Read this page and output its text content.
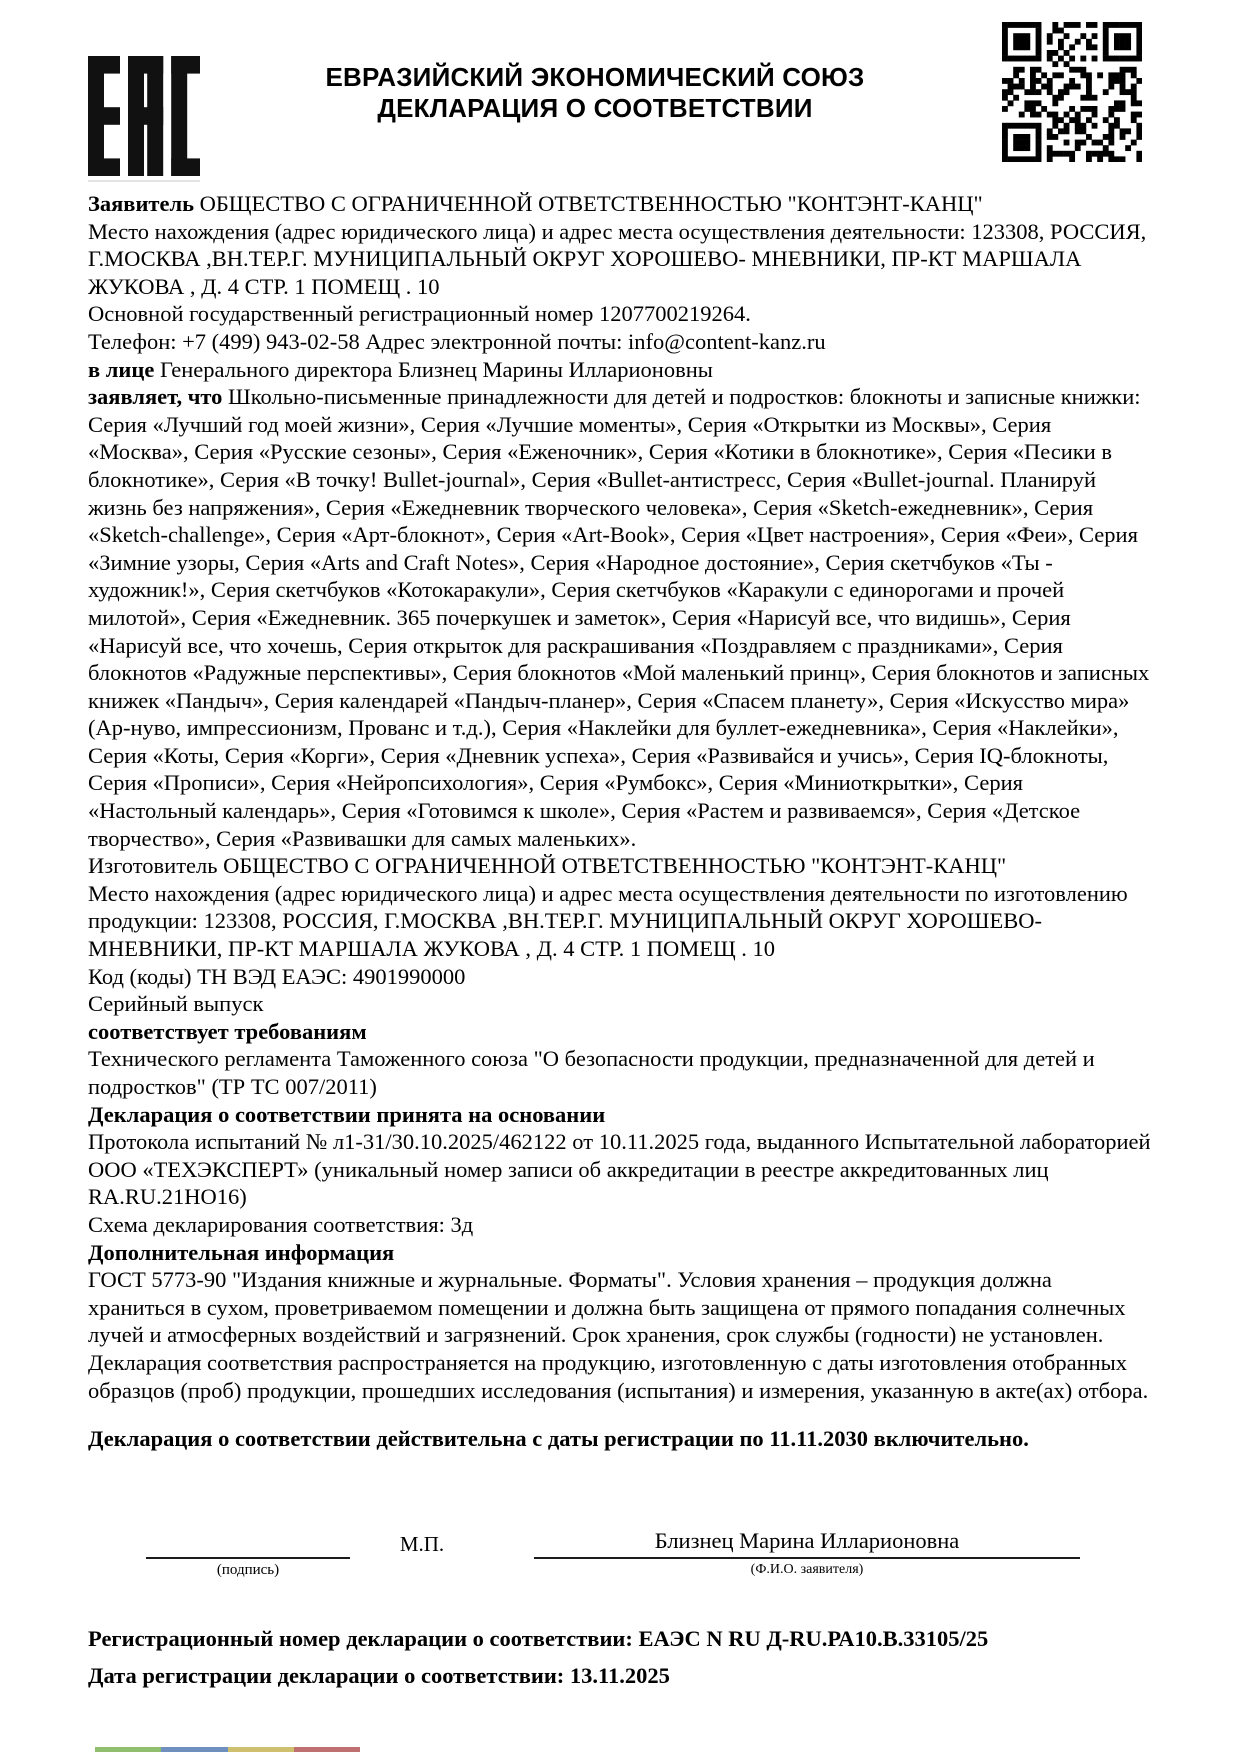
ЕВРАЗИЙСКИЙ ЭКОНОМИЧЕСКИЙ СОЮЗ
ДЕКЛАРАЦИЯ О СООТВЕТСТВИИ

Заявитель ОБЩЕСТВО С ОГРАНИЧЕННОЙ ОТВЕТСТВЕННОСТЬЮ "КОНТЭНТ-КАНЦ"

Место нахождения (адрес юридического лица) и адрес места осуществления деятельности: 123308, РОССИЯ, Г.МОСКВА ,ВН.ТЕР.Г. МУНИЦИПАЛЬНЫЙ ОКРУГ ХОРОШЕВО- МНЕВНИКИ, ПР-КТ МАРШАЛА ЖУКОВА , Д. 4 СТР. 1 ПОМЕЩ . 10

Основной государственный регистрационный номер 1207700219264.

Телефон: +7 (499) 943-02-58 Адрес электронной почты: info@content-kanz.ru

в лице Генерального директора Близнец Марины Илларионовны

заявляет, что Школьно-письменные принадлежности для детей и подростков: блокноты и записные книжки: Серия «Лучший год моей жизни», Серия «Лучшие моменты», Серия «Открытки из Москвы», Серия «Москва», Серия «Русские сезоны», Серия «Еженочник», Серия «Котики в блокнотике», Серия «Песики в блокнотике», Серия «В точку! Bullet-journal», Серия «Bullet-антистресс, Серия «Bullet-journal. Планируй жизнь без напряжения», Серия «Ежедневник творческого человека», Серия «Sketch-ежедневник», Серия «Sketch-challenge», Серия «Арт-блокнот», Серия «Art-Book», Серия «Цвет настроения», Серия «Феи», Серия «Зимние узоры, Серия «Arts and Craft Notes», Серия «Народное достояние», Серия скетчбуков «Ты - художник!», Серия скетчбуков «Котокаракули», Серия скетчбуков «Каракули с единорогами и прочей милотой», Серия «Ежедневник. 365 почеркушек и заметок», Серия «Нарисуй все, что видишь», Серия «Нарисуй все, что хочешь, Серия открыток для раскрашивания «Поздравляем с праздниками», Серия блокнотов «Радужные перспективы», Серия блокнотов «Мой маленький принц», Серия блокнотов и записных книжек «Пандыч», Серия календарей «Пандыч-планер», Серия «Спасем планету», Серия «Искусство мира» (Ар-нуво, импрессионизм, Прованс и т.д.), Серия «Наклейки для буллет-ежедневника», Серия «Наклейки», Серия «Коты, Серия «Корги», Серия «Дневник успеха», Серия «Развивайся и учись», Серия IQ-блокноты, Серия «Прописи», Серия «Нейропсихология», Серия «Румбокс», Серия «Миниоткрытки», Серия «Настольный календарь», Серия «Готовимся к школе», Серия «Растем и развиваемся», Серия «Детское творчество», Серия «Развивашки для самых маленьких».

Изготовитель ОБЩЕСТВО С ОГРАНИЧЕННОЙ ОТВЕТСТВЕННОСТЬЮ "КОНТЭНТ-КАНЦ"

Место нахождения (адрес юридического лица) и адрес места осуществления деятельности по изготовлению продукции: 123308, РОССИЯ, Г.МОСКВА ,ВН.ТЕР.Г. МУНИЦИПАЛЬНЫЙ ОКРУГ ХОРОШЕВО- МНЕВНИКИ, ПР-КТ МАРШАЛА ЖУКОВА , Д. 4 СТР. 1 ПОМЕЩ . 10

Код (коды) ТН ВЭД ЕАЭС: 4901990000

Серийный выпуск

соответствует требованиям

Технического регламента Таможенного союза "О безопасности продукции, предназначенной для детей и подростков" (ТР ТС 007/2011)

Декларация о соответствии принята на основании

Протокола испытаний № л1-31/30.10.2025/462122 от 10.11.2025 года, выданного Испытательной лабораторией ООО «ТЕХЭКСПЕРТ» (уникальный номер записи об аккредитации в реестре аккредитованных лиц RA.RU.21НО16)

Схема декларирования соответствия: 3д

Дополнительная информация

ГОСТ 5773-90 "Издания книжные и журнальные. Форматы". Условия хранения – продукция должна храниться в сухом, проветриваемом помещении и должна быть защищена от прямого попадания солнечных лучей и атмосферных воздействий и загрязнений. Срок хранения, срок службы (годности) не установлен. Декларация соответствия распространяется на продукцию, изготовленную с даты изготовления отобранных образцов (проб) продукции, прошедших исследования (испытания) и измерения, указанную в акте(ах) отбора.

Декларация о соответствии действительна с даты регистрации по 11.11.2030 включительно.

М.П.	Близнец Марина Илларионовна
(подпись)	(Ф.И.О. заявителя)
Регистрационный номер декларации о соответствии: ЕАЭС N RU Д-RU.РА10.В.33105/25
Дата регистрации декларации о соответствии: 13.11.2025
